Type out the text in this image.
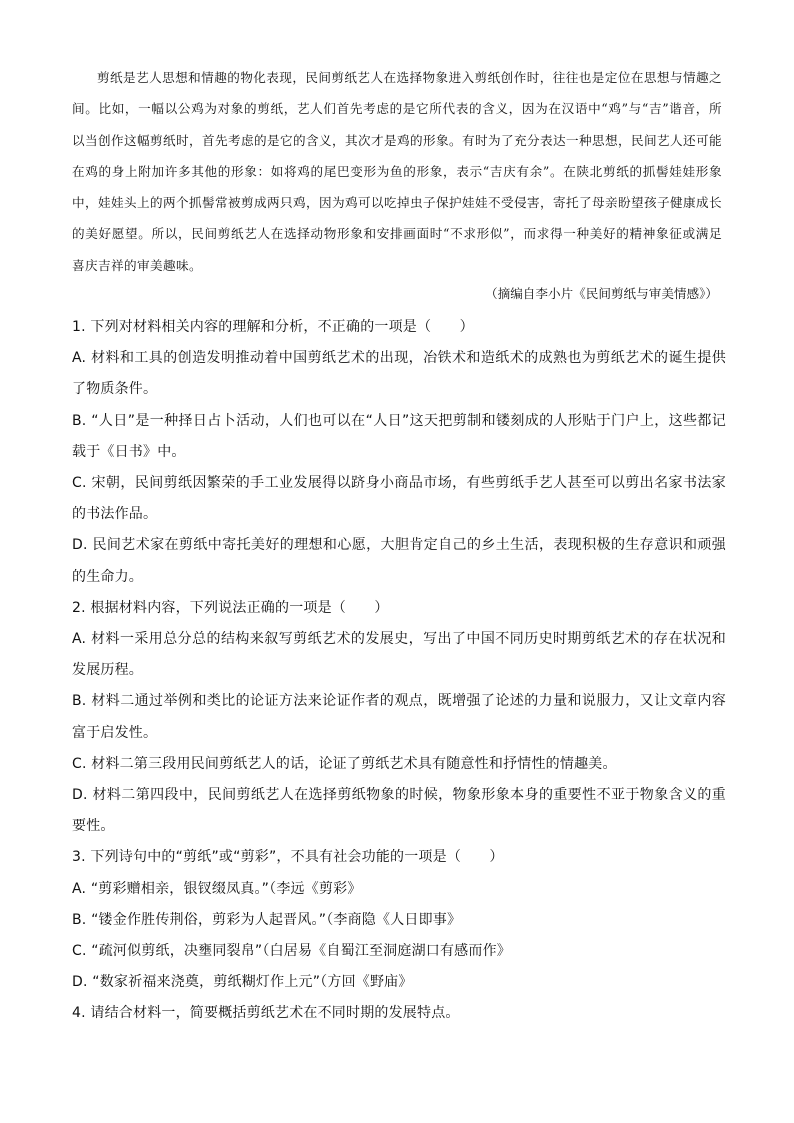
剪纸是艺人思想和情趣的物化表现，民间剪纸艺人在选择物象进入剪纸创作时，往往也是定位在思想与情趣之间。比如，一幅以公鸡为对象的剪纸，艺人们首先考虑的是它所代表的含义，因为在汉语中“鸡”与“吉”谐音，所以当创作这幅剪纸时，首先考虑的是它的含义，其次才是鸡的形象。有时为了充分表达一种思想，民间艺人还可能在鸡的身上附加许多其他的形象：如将鸡的尾巴变形为鱼的形象，表示“吉庆有余”。在陕北剪纸的抓髻娃娃形象中，娃娃头上的两个抓髻常被剪成两只鸡，因为鸡可以吃掉虫子保护娃娃不受侵害，寄托了母亲盼望孩子健康成长的美好愿望。所以，民间剪纸艺人在选择动物形象和安排画面时“不求形似”，而求得一种美好的精神象征或满足喜庆吉祥的审美趣味。
（摘编自李小片《民间剪纸与审美情感》）
1. 下列对材料相关内容的理解和分析，不正确的一项是（　　）
A. 材料和工具的创造发明推动着中国剪纸艺术的出现，冶铁术和造纸术的成熟也为剪纸艺术的诞生提供了物质条件。
B. “人日”是一种择日占卜活动，人们也可以在“人日”这天把剪制和镂刻成的人形贴于门户上，这些都记载于《日书》中。
C. 宋朝，民间剪纸因繁荣的手工业发展得以跻身小商品市场，有些剪纸手艺人甚至可以剪出名家书法家的书法作品。
D. 民间艺术家在剪纸中寄托美好的理想和心愿，大胆肯定自己的乡土生活，表现积极的生存意识和顽强的生命力。
2. 根据材料内容，下列说法正确的一项是（　　）
A. 材料一采用总分总的结构来叙写剪纸艺术的发展史，写出了中国不同历史时期剪纸艺术的存在状况和发展历程。
B. 材料二通过举例和类比的论证方法来论证作者的观点，既增强了论述的力量和说服力，又让文章内容富于启发性。
C. 材料二第三段用民间剪纸艺人的话，论证了剪纸艺术具有随意性和抒情性的情趣美。
D. 材料二第四段中，民间剪纸艺人在选择剪纸物象的时候，物象形象本身的重要性不亚于物象含义的重要性。
3. 下列诗句中的“剪纸”或“剪彩”，不具有社会功能的一项是（　　）
A. “剪彩赠相亲，银钗缀凤真。”（李远《剪彩》
B. “镂金作胜传荆俗，剪彩为人起晋风。”（李商隐《人日即事》
C. “疏河似剪纸，决壅同裂帛”（白居易《自蜀江至洞庭湖口有感而作》
D. “数家祈福来浇奠，剪纸糊灯作上元”（方回《野庙》
4. 请结合材料一，简要概括剪纸艺术在不同时期的发展特点。
